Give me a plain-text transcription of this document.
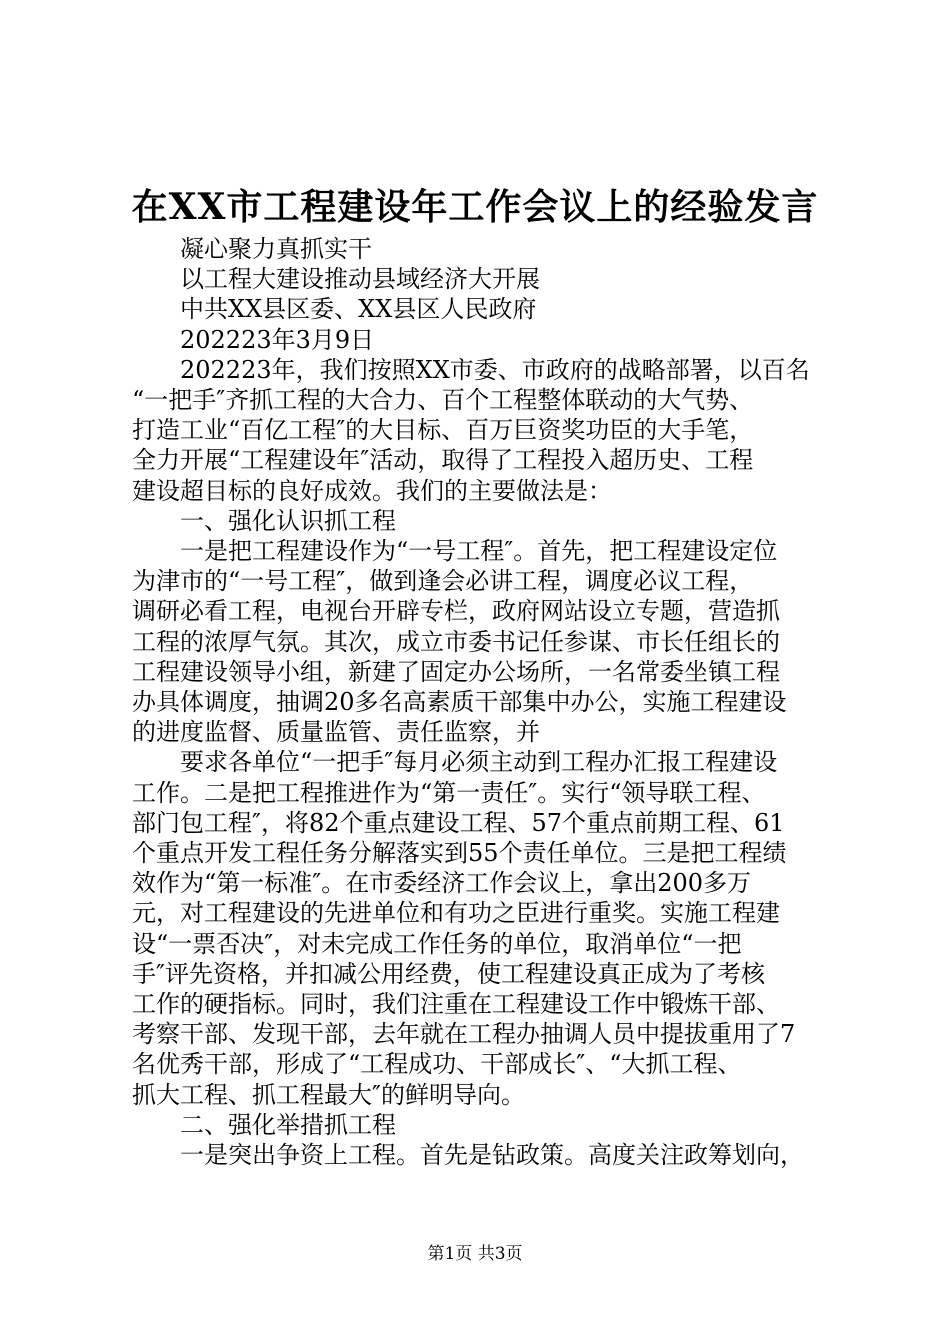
在XX市工程建设年工作会议上的经验发言

凝心聚力真抓实干

以工程大建设推动县域经济大开展

中共XX县区委、XX县区人民政府

202223年3月9日

202223年，我们按照XX市委、市政府的战略部署，以百名

“一把手″齐抓工程的大合力、百个工程整体联动的大气势、

打造工业“百亿工程″的大目标、百万巨资奖功臣的大手笔，

全力开展“工程建设年″活动，取得了工程投入超历史、工程

建设超目标的良好成效。我们的主要做法是：

一、强化认识抓工程

一是把工程建设作为“一号工程″。首先，把工程建设定位

为津市的“一号工程″，做到逢会必讲工程，调度必议工程，

调研必看工程，电视台开辟专栏，政府网站设立专题，营造抓

工程的浓厚气氛。其次，成立市委书记任参谋、市长任组长的

工程建设领导小组，新建了固定办公场所，一名常委坐镇工程

办具体调度，抽调20多名高素质干部集中办公，实施工程建设

的进度监督、质量监管、责任监察，并

要求各单位“一把手″每月必须主动到工程办汇报工程建设

工作。二是把工程推进作为“第一责任″。实行“领导联工程、

部门包工程″，将82个重点建设工程、57个重点前期工程、61

个重点开发工程任务分解落实到55个责任单位。三是把工程绩

效作为“第一标准″。在市委经济工作会议上，拿出200多万

元，对工程建设的先进单位和有功之臣进行重奖。实施工程建

设“一票否决″，对未完成工作任务的单位，取消单位“一把

手″评先资格，并扣减公用经费，使工程建设真正成为了考核

工作的硬指标。同时，我们注重在工程建设工作中锻炼干部、

考察干部、发现干部，去年就在工程办抽调人员中提拔重用了7

名优秀干部，形成了“工程成功、干部成长″、“大抓工程、

抓大工程、抓工程最大″的鲜明导向。

二、强化举措抓工程

一是突出争资上工程。首先是钻政策。高度关注政筹划向，

第1页 共3页
